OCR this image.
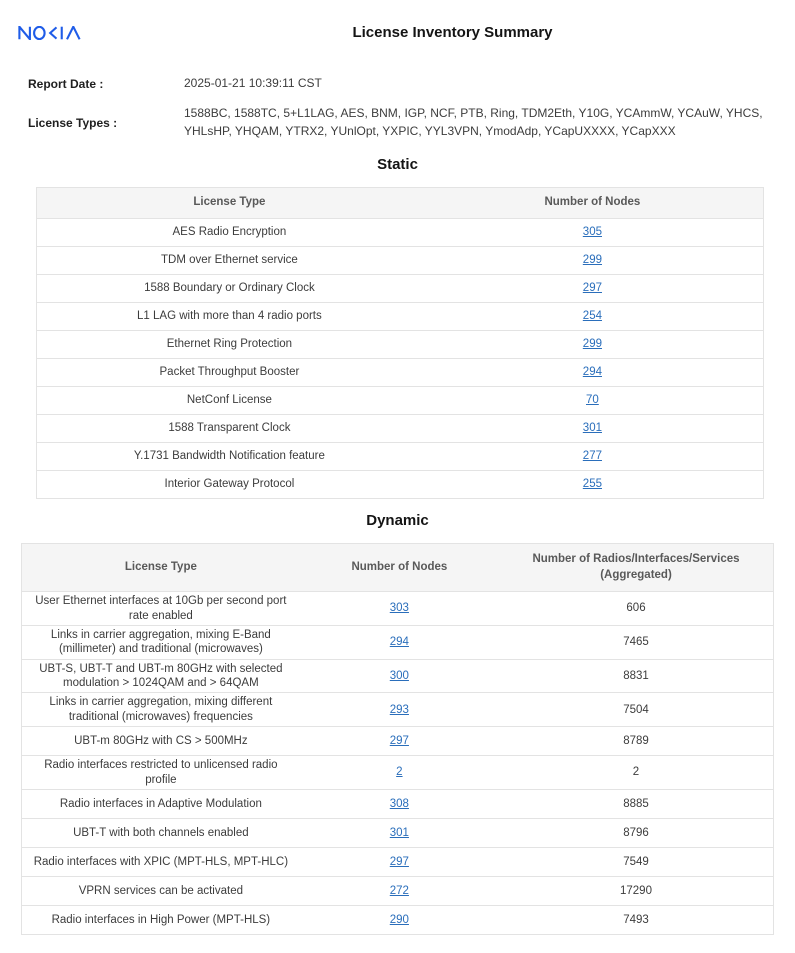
License Inventory Summary
Report Date :	2025-01-21 10:39:11 CST
License Types :
1588BC, 1588TC, 5+L1LAG, AES, BNM, IGP, NCF, PTB, Ring, TDM2Eth, Y10G, YCAmmW, YCAuW, YHCS, YHLsHP, YHQAM, YTRX2, YUnlOpt, YXPIC, YYL3VPN, YmodAdp, YCapUXXXX, YCapXXX
Static
License Type	Number of Nodes
AES Radio Encryption	305
TDM over Ethernet service	299
1588 Boundary or Ordinary Clock	297
L1 LAG with more than 4 radio ports	254
Ethernet Ring Protection	299
Packet Throughput Booster	294
NetConf License	70
1588 Transparent Clock	301
Y.1731 Bandwidth Notification feature	277
Interior Gateway Protocol	255
Dynamic
License Type	Number of Nodes	Number of Radios/Interfaces/Services (Aggregated)
User Ethernet interfaces at 10Gb per second port rate enabled	303	606
Links in carrier aggregation, mixing E-Band (millimeter) and traditional (microwaves)	294	7465
UBT-S, UBT-T and UBT-m 80GHz with selected modulation > 1024QAM and > 64QAM	300	8831
Links in carrier aggregation, mixing different traditional (microwaves) frequencies	293	7504
UBT-m 80GHz with CS > 500MHz	297	8789
Radio interfaces restricted to unlicensed radio profile	2	2
Radio interfaces in Adaptive Modulation	308	8885
UBT-T with both channels enabled	301	8796
Radio interfaces with XPIC (MPT-HLS, MPT-HLC)	297	7549
VPRN services can be activated	272	17290
Radio interfaces in High Power (MPT-HLS)	290	7493
